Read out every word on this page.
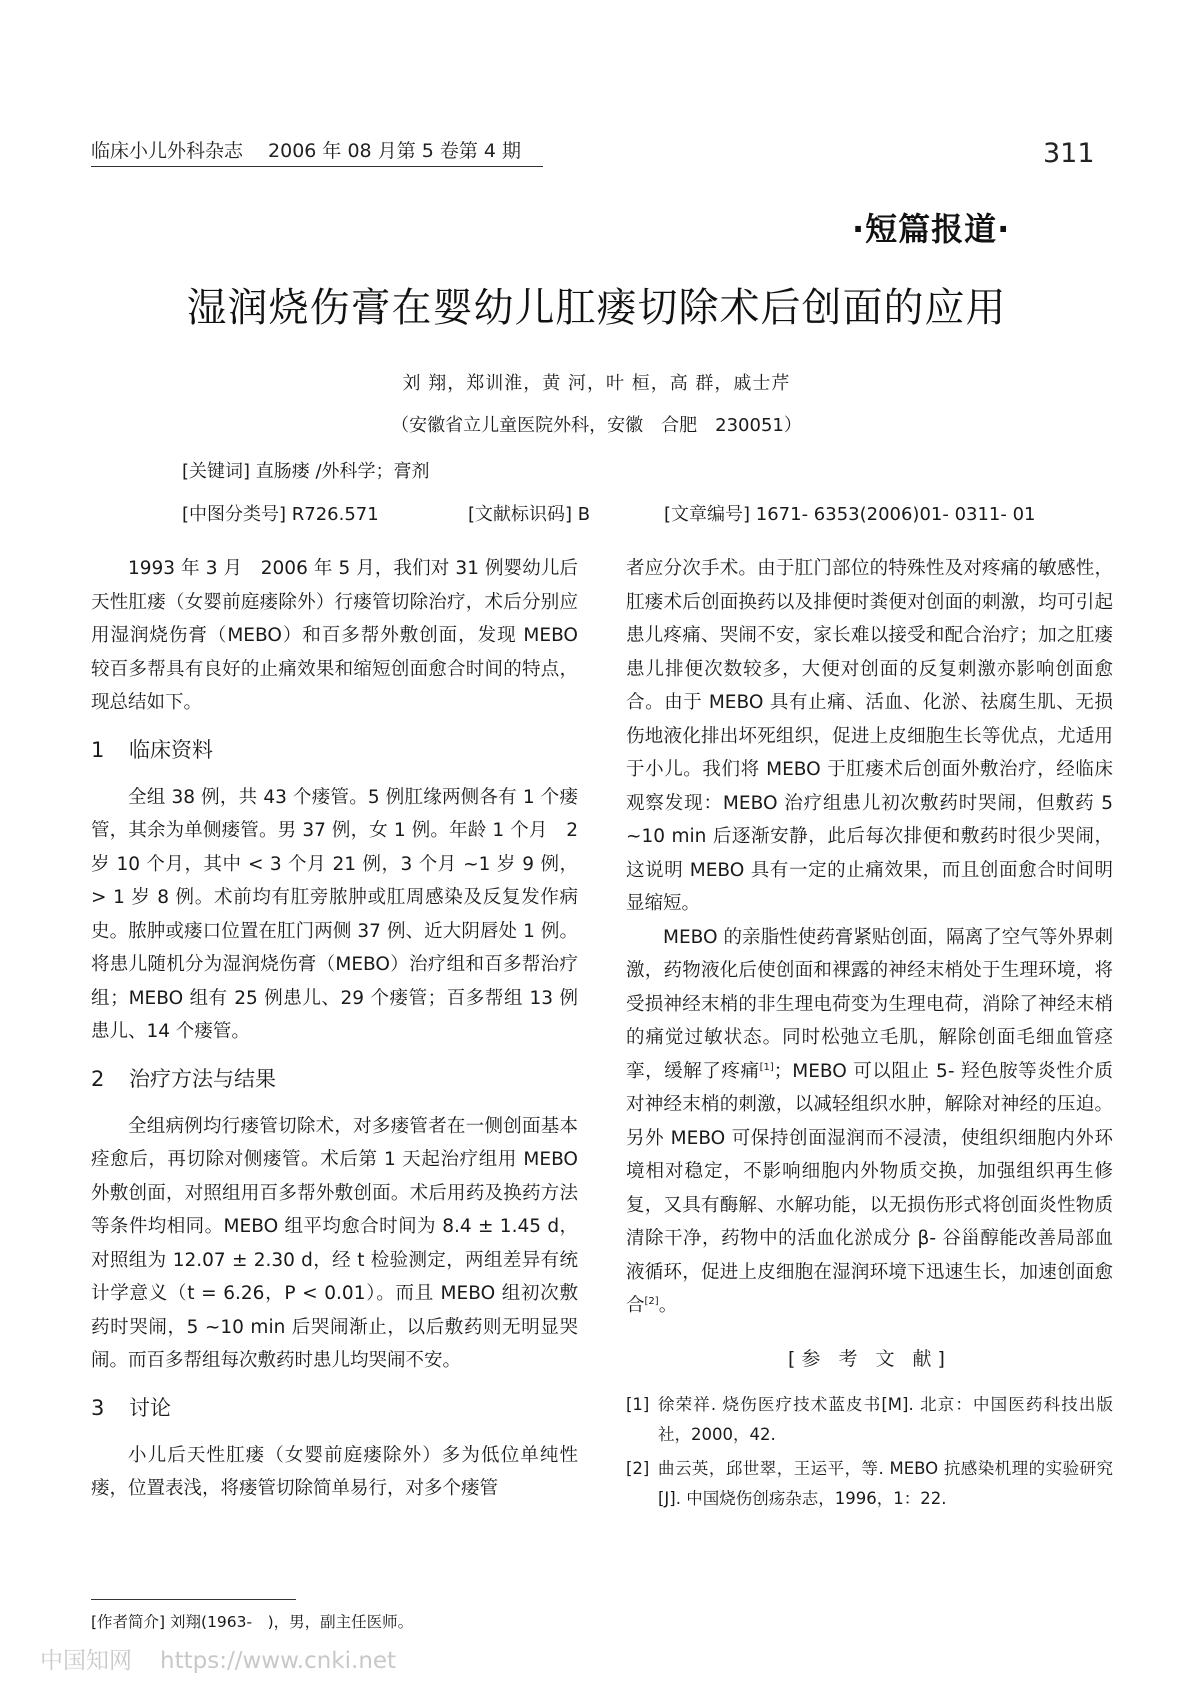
临床小儿外科杂志　 2006 年 08 月第 5 卷第 4 期	311
·短篇报道·
湿润烧伤膏在婴幼儿肛瘘切除术后创面的应用
刘 翔，郑训淮，黄 河，叶 桓，高 群，戚士芹
（安徽省立儿童医院外科，安徽　合肥　230051）
[关键词] 直肠瘘 /外科学；膏剂
[中图分类号] R726.571	[文献标识码] B	[文章编号] 1671- 6353(2006)01- 0311- 01

1993 年 3 月　2006 年 5 月，我们对 31 例婴幼儿后天性肛瘘（女婴前庭瘘除外）行瘘管切除治疗，术后分别应用湿润烧伤膏（MEBO）和百多帮外敷创面，发现 MEBO 较百多帮具有良好的止痛效果和缩短创面愈合时间的特点，现总结如下。

1 临床资料

全组 38 例，共 43 个瘘管。5 例肛缘两侧各有 1 个瘘管，其余为单侧瘘管。男 37 例，女 1 例。年龄 1 个月　2 岁 10 个月，其中 < 3 个月 21 例，3 个月 ~1 岁 9 例，> 1 岁 8 例。术前均有肛旁脓肿或肛周感染及反复发作病史。脓肿或瘘口位置在肛门两侧 37 例、近大阴唇处 1 例。将患儿随机分为湿润烧伤膏（MEBO）治疗组和百多帮治疗组；MEBO 组有 25 例患儿、29 个瘘管；百多帮组 13 例患儿、14 个瘘管。

2 治疗方法与结果

全组病例均行瘘管切除术，对多瘘管者在一侧创面基本痊愈后，再切除对侧瘘管。术后第 1 天起治疗组用 MEBO 外敷创面，对照组用百多帮外敷创面。术后用药及换药方法等条件均相同。MEBO 组平均愈合时间为 8.4 ± 1.45 d，对照组为 12.07 ± 2.30 d，经 t 检验测定，两组差异有统计学意义（t = 6.26，P < 0.01）。而且 MEBO 组初次敷药时哭闹，5 ~10 min 后哭闹渐止，以后敷药则无明显哭闹。而百多帮组每次敷药时患儿均哭闹不安。

3 讨论

小儿后天性肛瘘（女婴前庭瘘除外）多为低位单纯性瘘，位置表浅，将瘘管切除简单易行，对多个瘘管

者应分次手术。由于肛门部位的特殊性及对疼痛的敏感性，肛瘘术后创面换药以及排便时粪便对创面的刺激，均可引起患儿疼痛、哭闹不安，家长难以接受和配合治疗；加之肛瘘患儿排便次数较多，大便对创面的反复刺激亦影响创面愈合。由于 MEBO 具有止痛、活血、化淤、祛腐生肌、无损伤地液化排出坏死组织，促进上皮细胞生长等优点，尤适用于小儿。我们将 MEBO 于肛瘘术后创面外敷治疗，经临床观察发现：MEBO 治疗组患儿初次敷药时哭闹，但敷药 5 ~10 min 后逐渐安静，此后每次排便和敷药时很少哭闹，这说明 MEBO 具有一定的止痛效果，而且创面愈合时间明显缩短。

MEBO 的亲脂性使药膏紧贴创面，隔离了空气等外界刺激，药物液化后使创面和裸露的神经末梢处于生理环境，将受损神经末梢的非生理电荷变为生理电荷，消除了神经末梢的痛觉过敏状态。同时松弛立毛肌，解除创面毛细血管痉挛，缓解了疼痛[1]；MEBO 可以阻止 5- 羟色胺等炎性介质对神经末梢的刺激，以减轻组织水肿，解除对神经的压迫。另外 MEBO 可保持创面湿润而不浸渍，使组织细胞内外环境相对稳定，不影响细胞内外物质交换，加强组织再生修复，又具有酶解、水解功能，以无损伤形式将创面炎性物质清除干净，药物中的活血化淤成分 β- 谷甾醇能改善局部血液循环，促进上皮细胞在湿润环境下迅速生长，加速创面愈合[2]。

[参 考 文 献]
[1] 徐荣祥. 烧伤医疗技术蓝皮书[M]. 北京：中国医药科技出版社，2000，42.
[2] 曲云英，邱世翠，王运平，等. MEBO 抗感染机理的实验研究[J]. 中国烧伤创疡杂志，1996，1：22.
[作者简介] 刘翔(1963-　)，男，副主任医师。
中国知网 https://www.cnki.net
